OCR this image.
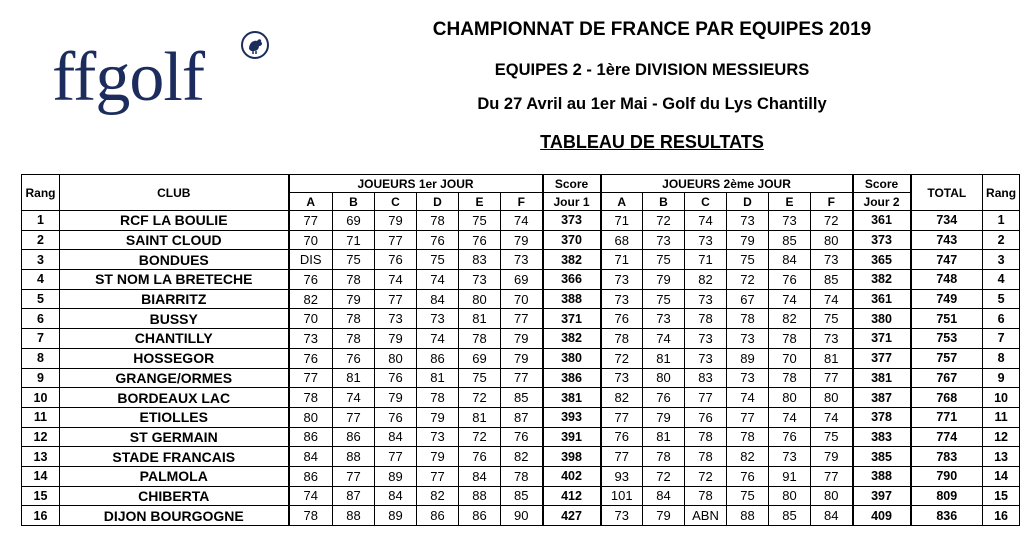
ffgolf
CHAMPIONNAT DE FRANCE PAR EQUIPES 2019
EQUIPES 2 - 1ère DIVISION MESSIEURS
Du 27 Avril au 1er Mai - Golf du Lys Chantilly
TABLEAU DE RESULTATS
Rang	CLUB	JOUEURS 1er JOUR						Score	JOUEURS 2ème JOUR						Score	TOTAL	Rang
		A	B	C	D	E	F	Jour 1	A	B	C	D	E	F	Jour 2		
1	RCF LA BOULIE	77	69	79	78	75	74	373	71	72	74	73	73	72	361	734	1
2	SAINT CLOUD	70	71	77	76	76	79	370	68	73	73	79	85	80	373	743	2
3	BONDUES	DIS	75	76	75	83	73	382	71	75	71	75	84	73	365	747	3
4	ST NOM LA BRETECHE	76	78	74	74	73	69	366	73	79	82	72	76	85	382	748	4
5	BIARRITZ	82	79	77	84	80	70	388	73	75	73	67	74	74	361	749	5
6	BUSSY	70	78	73	73	81	77	371	76	73	78	78	82	75	380	751	6
7	CHANTILLY	73	78	79	74	78	79	382	78	74	73	73	78	73	371	753	7
8	HOSSEGOR	76	76	80	86	69	79	380	72	81	73	89	70	81	377	757	8
9	GRANGE/ORMES	77	81	76	81	75	77	386	73	80	83	73	78	77	381	767	9
10	BORDEAUX LAC	78	74	79	78	72	85	381	82	76	77	74	80	80	387	768	10
11	ETIOLLES	80	77	76	79	81	87	393	77	79	76	77	74	74	378	771	11
12	ST GERMAIN	86	86	84	73	72	76	391	76	81	78	78	76	75	383	774	12
13	STADE FRANCAIS	84	88	77	79	76	82	398	77	78	78	82	73	79	385	783	13
14	PALMOLA	86	77	89	77	84	78	402	93	72	72	76	91	77	388	790	14
15	CHIBERTA	74	87	84	82	88	85	412	101	84	78	75	80	80	397	809	15
16	DIJON BOURGOGNE	78	88	89	86	86	90	427	73	79	ABN	88	85	84	409	836	16
